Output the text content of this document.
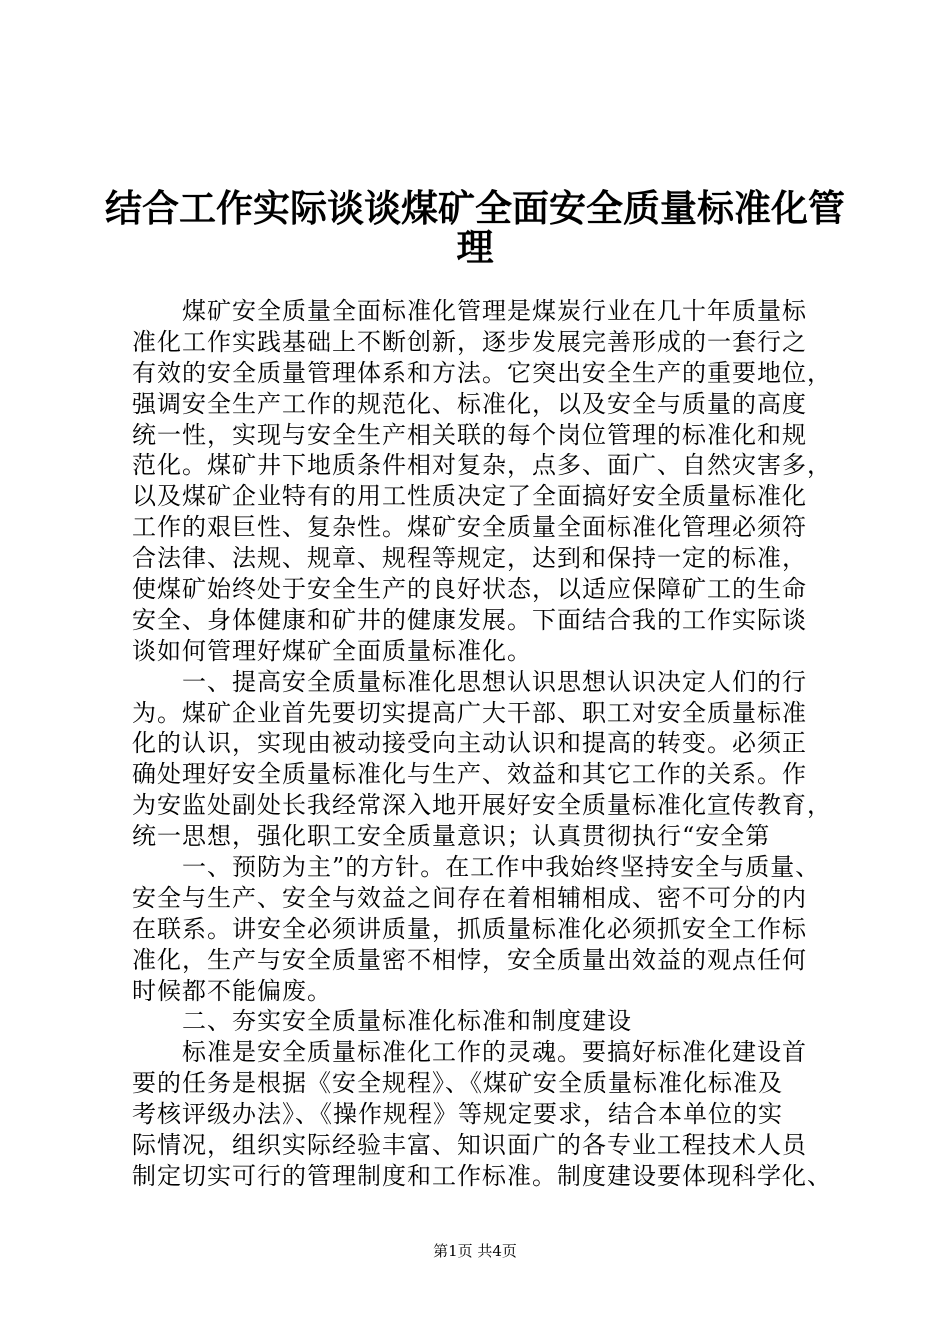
结合工作实际谈谈煤矿全面安全质量标准化管
理
煤矿安全质量全面标准化管理是煤炭行业在几十年质量标
准化工作实践基础上不断创新，逐步发展完善形成的一套行之
有效的安全质量管理体系和方法。它突出安全生产的重要地位，
强调安全生产工作的规范化、标准化，以及安全与质量的高度
统一性，实现与安全生产相关联的每个岗位管理的标准化和规
范化。煤矿井下地质条件相对复杂，点多、面广、自然灾害多，
以及煤矿企业特有的用工性质决定了全面搞好安全质量标准化
工作的艰巨性、复杂性。煤矿安全质量全面标准化管理必须符
合法律、法规、规章、规程等规定，达到和保持一定的标准，
使煤矿始终处于安全生产的良好状态，以适应保障矿工的生命
安全、身体健康和矿井的健康发展。下面结合我的工作实际谈
谈如何管理好煤矿全面质量标准化。
一、提高安全质量标准化思想认识思想认识决定人们的行
为。煤矿企业首先要切实提高广大干部、职工对安全质量标准
化的认识，实现由被动接受向主动认识和提高的转变。必须正
确处理好安全质量标准化与生产、效益和其它工作的关系。作
为安监处副处长我经常深入地开展好安全质量标准化宣传教育，
统一思想，强化职工安全质量意识；认真贯彻执行“安全第
一、预防为主”的方针。在工作中我始终坚持安全与质量、
安全与生产、安全与效益之间存在着相辅相成、密不可分的内
在联系。讲安全必须讲质量，抓质量标准化必须抓安全工作标
准化，生产与安全质量密不相悖，安全质量出效益的观点任何
时候都不能偏废。
二、夯实安全质量标准化标准和制度建设
标准是安全质量标准化工作的灵魂。要搞好标准化建设首
要的任务是根据《安全规程》、《煤矿安全质量标准化标准及
考核评级办法》、《操作规程》等规定要求，结合本单位的实
际情况，组织实际经验丰富、知识面广的各专业工程技术人员
制定切实可行的管理制度和工作标准。制度建设要体现科学化、
第1页 共4页
